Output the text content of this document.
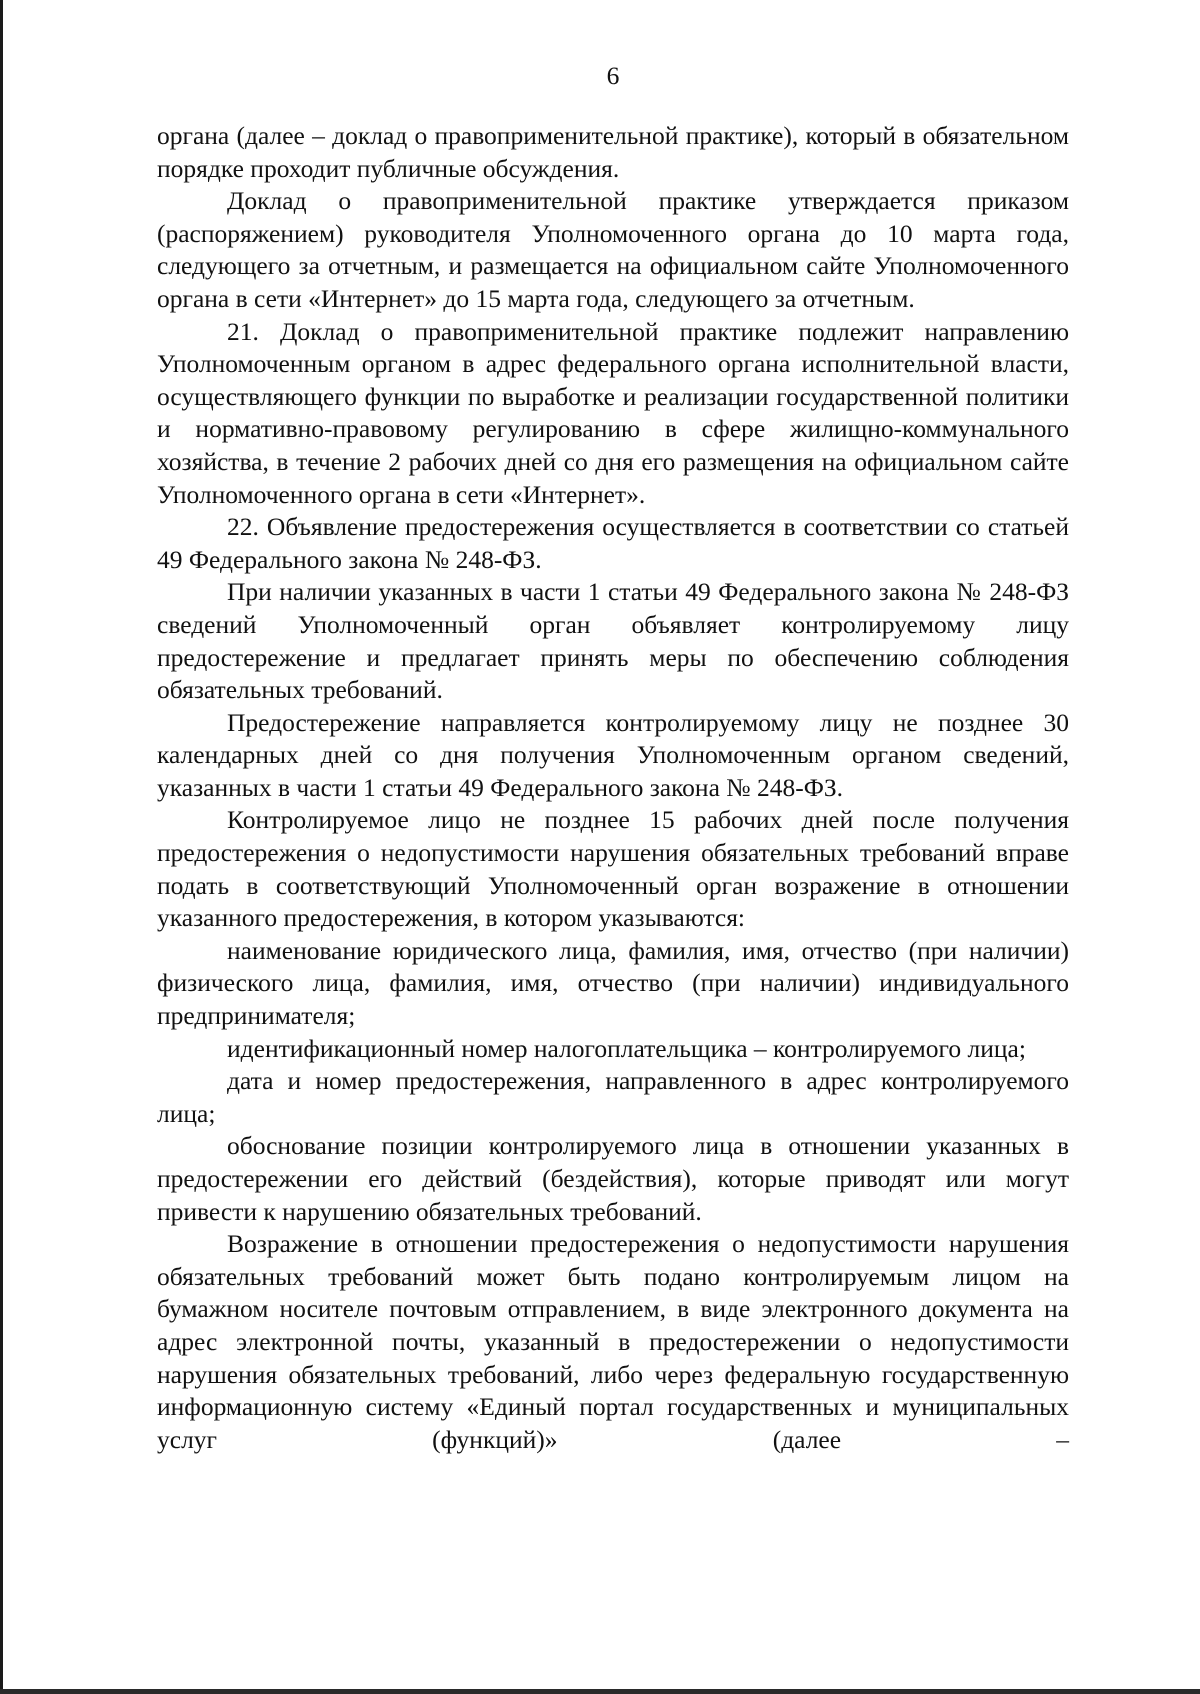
6

органа (далее – доклад о правоприменительной практике), который в обязательном порядке проходит публичные обсуждения.

Доклад о правоприменительной практике утверждается приказом (распоряжением) руководителя Уполномоченного органа до 10 марта года, следующего за отчетным, и размещается на официальном сайте Уполномоченного органа в сети «Интернет» до 15 марта года, следующего за отчетным.

21. Доклад о правоприменительной практике подлежит направлению Уполномоченным органом в адрес федерального органа исполнительной власти, осуществляющего функции по выработке и реализации государственной политики и нормативно-правовому регулированию в сфере жилищно-коммунального хозяйства, в течение 2 рабочих дней со дня его размещения на официальном сайте Уполномоченного органа в сети «Интернет».

22. Объявление предостережения осуществляется в соответствии со статьей 49 Федерального закона № 248-ФЗ.

При наличии указанных в части 1 статьи 49 Федерального закона № 248-ФЗ сведений Уполномоченный орган объявляет контролируемому лицу предостережение и предлагает принять меры по обеспечению соблюдения обязательных требований.

Предостережение направляется контролируемому лицу не позднее 30 календарных дней со дня получения Уполномоченным органом сведений, указанных в части 1 статьи 49 Федерального закона № 248-ФЗ.

Контролируемое лицо не позднее 15 рабочих дней после получения предостережения о недопустимости нарушения обязательных требований вправе подать в соответствующий Уполномоченный орган возражение в отношении указанного предостережения, в котором указываются:

наименование юридического лица, фамилия, имя, отчество (при наличии) физического лица, фамилия, имя, отчество (при наличии) индивидуального предпринимателя;

идентификационный номер налогоплательщика – контролируемого лица;

дата и номер предостережения, направленного в адрес контролируемого лица;

обоснование позиции контролируемого лица в отношении указанных в предостережении его действий (бездействия), которые приводят или могут привести к нарушению обязательных требований.

Возражение в отношении предостережения о недопустимости нарушения обязательных требований может быть подано контролируемым лицом на бумажном носителе почтовым отправлением, в виде электронного документа на адрес электронной почты, указанный в предостережении о недопустимости нарушения обязательных требований, либо через федеральную государственную информационную систему «Единый портал государственных и муниципальных услуг (функций)» (далее –
